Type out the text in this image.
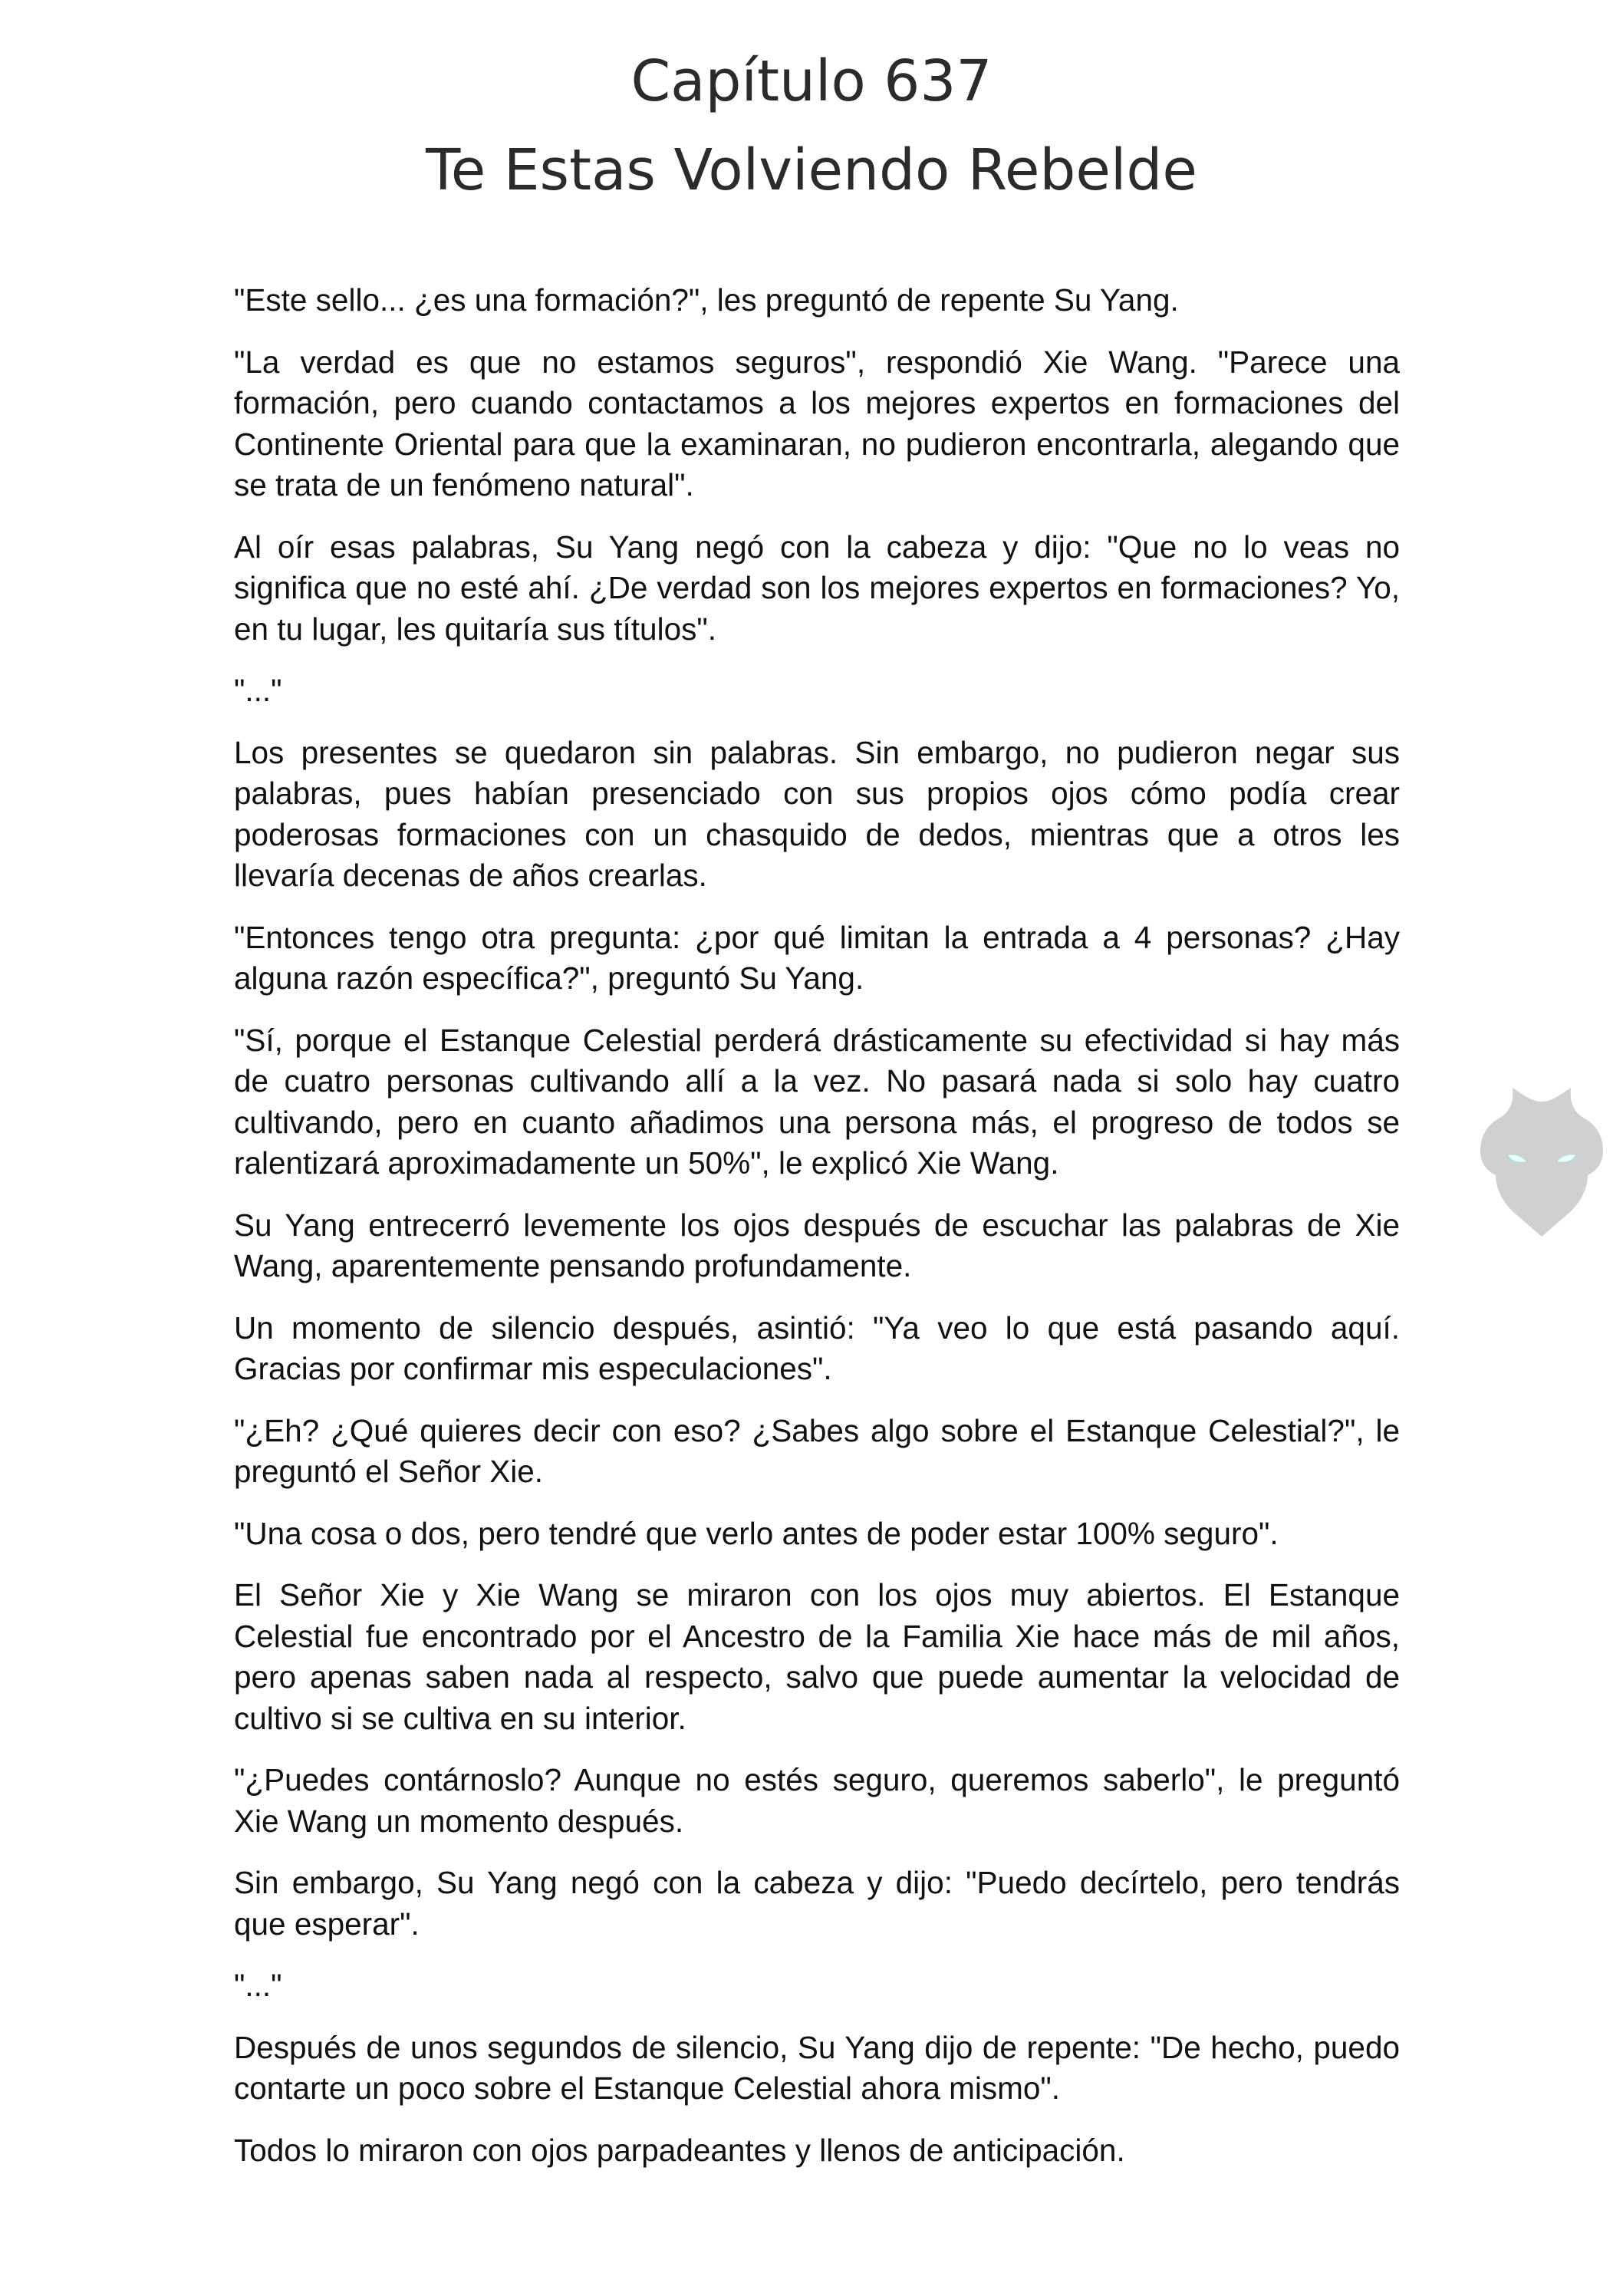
Capítulo 637
Te Estas Volviendo Rebelde

"Este sello... ¿es una formación?", les preguntó de repente Su Yang.

"La verdad es que no estamos seguros", respondió Xie Wang. "Parece una formación, pero cuando contactamos a los mejores expertos en formaciones del Continente Oriental para que la examinaran, no pudieron encontrarla, alegando que se trata de un fenómeno natural".

Al oír esas palabras, Su Yang negó con la cabeza y dijo: "Que no lo veas no significa que no esté ahí. ¿De verdad son los mejores expertos en formaciones? Yo, en tu lugar, les quitaría sus títulos".

"..."

Los presentes se quedaron sin palabras. Sin embargo, no pudieron negar sus palabras, pues habían presenciado con sus propios ojos cómo podía crear poderosas formaciones con un chasquido de dedos, mientras que a otros les llevaría decenas de años crearlas.

"Entonces tengo otra pregunta: ¿por qué limitan la entrada a 4 personas? ¿Hay alguna razón específica?", preguntó Su Yang.

"Sí, porque el Estanque Celestial perderá drásticamente su efectividad si hay más de cuatro personas cultivando allí a la vez. No pasará nada si solo hay cuatro cultivando, pero en cuanto añadimos una persona más, el progreso de todos se ralentizará aproximadamente un 50%", le explicó Xie Wang.

Su Yang entrecerró levemente los ojos después de escuchar las palabras de Xie Wang, aparentemente pensando profundamente.

Un momento de silencio después, asintió: "Ya veo lo que está pasando aquí. Gracias por confirmar mis especulaciones".

"¿Eh? ¿Qué quieres decir con eso? ¿Sabes algo sobre el Estanque Celestial?", le preguntó el Señor Xie.

"Una cosa o dos, pero tendré que verlo antes de poder estar 100% seguro".

El Señor Xie y Xie Wang se miraron con los ojos muy abiertos. El Estanque Celestial fue encontrado por el Ancestro de la Familia Xie hace más de mil años, pero apenas saben nada al respecto, salvo que puede aumentar la velocidad de cultivo si se cultiva en su interior.

"¿Puedes contárnoslo? Aunque no estés seguro, queremos saberlo", le preguntó Xie Wang un momento después.

Sin embargo, Su Yang negó con la cabeza y dijo: "Puedo decírtelo, pero tendrás que esperar".

"..."

Después de unos segundos de silencio, Su Yang dijo de repente: "De hecho, puedo contarte un poco sobre el Estanque Celestial ahora mismo".

Todos lo miraron con ojos parpadeantes y llenos de anticipación.
